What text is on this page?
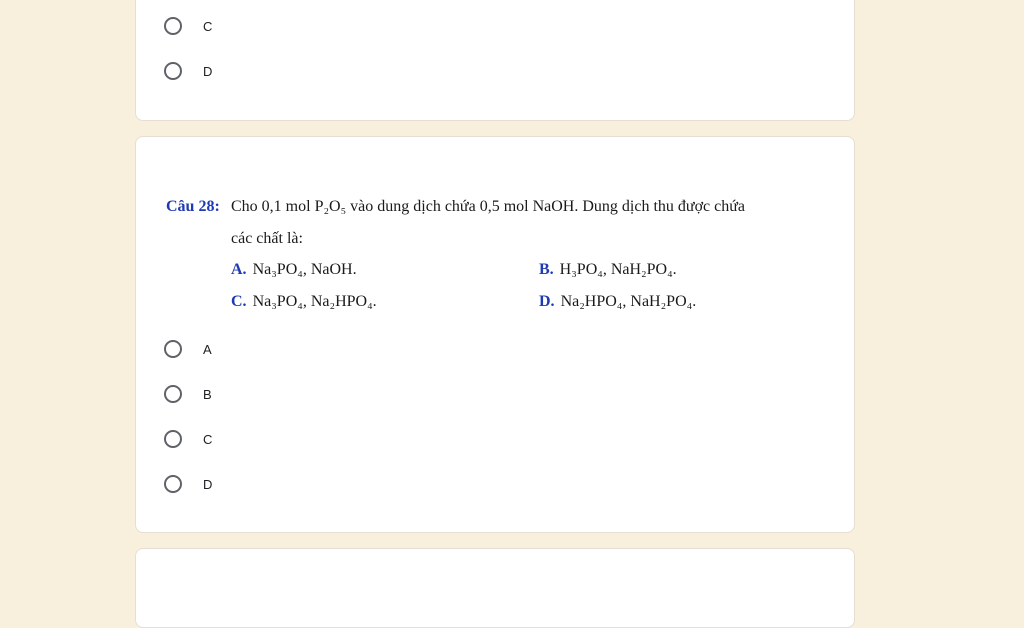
C
D
Câu 28: Cho 0,1 mol P₂O₅ vào dung dịch chứa 0,5 mol NaOH. Dung dịch thu được chứa
các chất là:
A. Na₃PO₄, NaOH.	B. H₃PO₄, NaH₂PO₄.
C. Na₃PO₄, Na₂HPO₄.	D. Na₂HPO₄, NaH₂PO₄.
A
B
C
D
